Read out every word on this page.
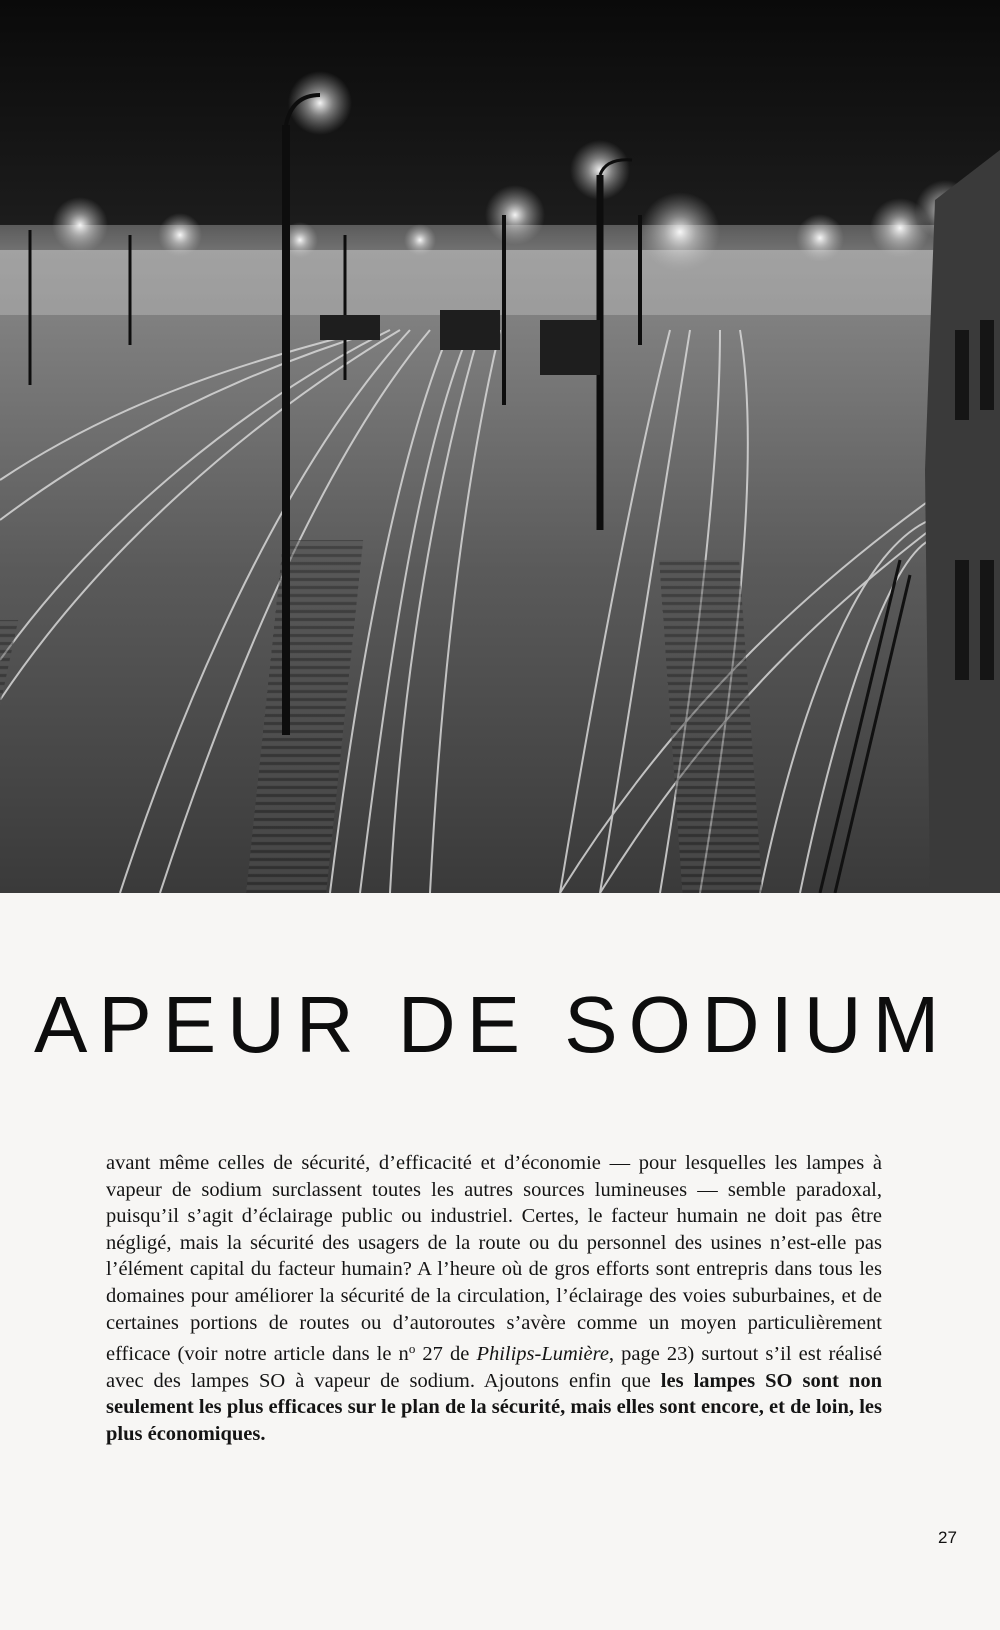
APEUR DE SODIUM

avant même celles de sécurité, d’efficacité et d’économie — pour lesquelles les lampes à vapeur de sodium surclassent toutes les autres sources lumineuses — semble paradoxal, puisqu’il s’agit d’éclairage public ou industriel. Certes, le facteur humain ne doit pas être négligé, mais la sécurité des usagers de la route ou du personnel des usines n’est-elle pas l’élément capital du facteur humain? A l’heure où de gros efforts sont entrepris dans tous les domaines pour améliorer la sécurité de la circulation, l’éclairage des voies suburbaines, et de certaines portions de routes ou d’autoroutes s’avère comme un moyen particulièrement efficace (voir notre article dans le $n^o$ 27 de Philips-Lumière, page 23) surtout s’il est réalisé avec des lampes SO à vapeur de sodium. Ajoutons enfin que les lampes SO sont non seulement les plus efficaces sur le plan de la sécurité, mais elles sont encore, et de loin, les plus économiques.

27
